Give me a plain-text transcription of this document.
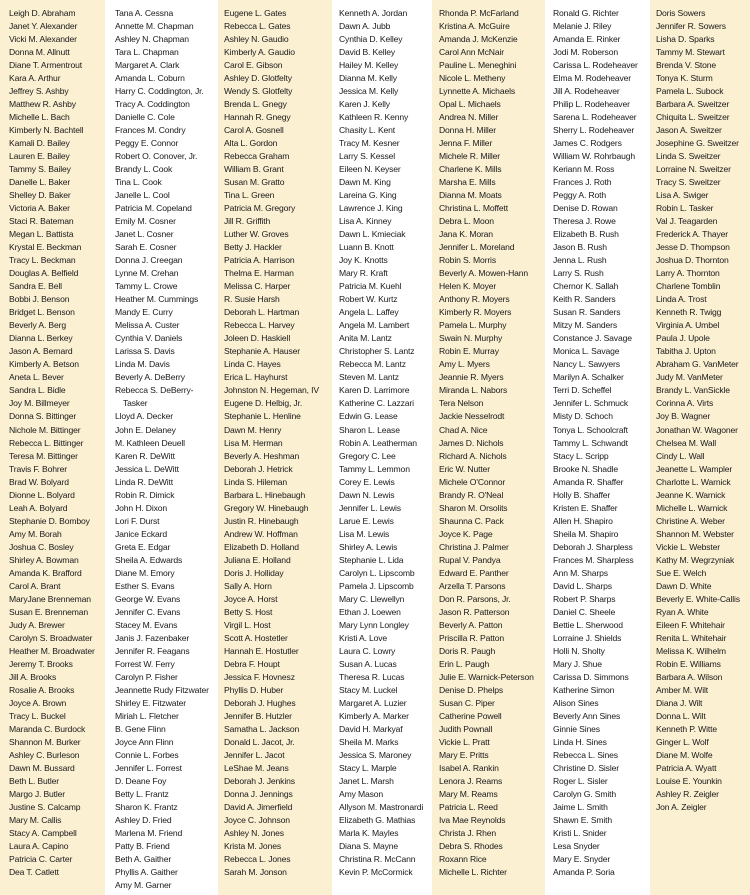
Leigh D. Abraham
Janet Y. Alexander
Vicki M. Alexander
Donna M. Allnutt
Diane T. Armentrout
Kara A. Arthur
Jeffrey S. Ashby
Matthew R. Ashby
Michelle L. Bach
Kimberly N. Bachtell
Kamali D. Bailey
Lauren E. Bailey
Tammy S. Bailey
Danelle L. Baker
Shelley D. Baker
Victoria A. Baker
Staci R. Bateman
Megan L. Battista
Krystal E. Beckman
Tracy L. Beckman
Douglas A. Belfield
Sandra E. Bell
Bobbi J. Benson
Bridget L. Benson
Beverly A. Berg
Dianna L. Berkey
Jason A. Bernard
Kimberly A. Betson
Aneta L. Bever
Sandra L. Bidle
Joy M. Billmeyer
Donna S. Bittinger
Nichole M. Bittinger
Rebecca L. Bittinger
Teresa M. Bittinger
Travis F. Bohrer
Brad W. Bolyard
Dionne L. Bolyard
Leah A. Bolyard
Stephanie D. Bomboy
Amy M. Borah
Joshua C. Bosley
Shirley A. Bowman
Amanda K. Brafford
Carol A. Brant
MaryJane Brenneman
Susan E. Brenneman
Judy A. Brewer
Carolyn S. Broadwater
Heather M. Broadwater
Jeremy T. Brooks
Jill A. Brooks
Rosalie A. Brooks
Joyce A. Brown
Tracy L. Buckel
Maranda C. Burdock
Shannon M. Burker
Ashley C. Burleson
Dawn M. Bussard
Beth L. Butler
Margo J. Butler
Justine S. Calcamp
Mary M. Callis
Stacy A. Campbell
Laura A. Capino
Patricia C. Carter
Dea T. Catlett
Tana A. Cessna
Annette M. Chapman
Ashley N. Chapman
Tara L. Chapman
Margaret A. Clark
Amanda L. Coburn
Harry C. Coddington, Jr.
Tracy A. Coddington
Danielle C. Cole
Frances M. Condry
Peggy E. Connor
Robert O. Conover, Jr.
Brandy L. Cook
Tina L. Cook
Janelle L. Cool
Patricia M. Copeland
Emily M. Cosner
Janet L. Cosner
Sarah E. Cosner
Donna J. Creegan
Lynne M. Crehan
Tammy L. Crowe
Heather M. Cummings
Mandy E. Curry
Melissa A. Custer
Cynthia V. Daniels
Larissa S. Davis
Linda M. Davis
Beverly A. DeBerry
Rebecca S. DeBerry-
Tasker
Lloyd A. Decker
John E. Delaney
M. Kathleen Deuell
Karen R. DeWitt
Jessica L. DeWitt
Linda R. DeWitt
Robin R. Dimick
John H. Dixon
Lori F. Durst
Janice Eckard
Greta E. Edgar
Sheila A. Edwards
Diane M. Emory
Esther S. Evans
George W. Evans
Jennifer C. Evans
Stacey M. Evans
Janis J. Fazenbaker
Jennifer R. Feagans
Forrest W. Ferry
Carolyn P. Fisher
Jeannette Rudy Fitzwater
Shirley E. Fitzwater
Miriah L. Fletcher
B. Gene Flinn
Joyce Ann Flinn
Connie L. Forbes
Jennifer L. Forrest
D. Deane Foy
Betty L. Frantz
Sharon K. Frantz
Ashley D. Fried
Marlena M. Friend
Patty B. Friend
Beth A. Gaither
Phyllis A. Gaither
Amy M. Garner
Eugene L. Gates
Rebecca L. Gates
Ashley N. Gaudio
Kimberly A. Gaudio
Carol E. Gibson
Ashley D. Glotfelty
Wendy S. Glotfelty
Brenda L. Gnegy
Hannah R. Gnegy
Carol A. Gosnell
Alta L. Gordon
Rebecca Graham
William B. Grant
Susan M. Gratto
Tina L. Green
Patricia M. Gregory
Jill R. Griffith
Luther W. Groves
Betty J. Hackler
Patricia A. Harrison
Thelma E. Harman
Melissa C. Harper
R. Susie Harsh
Deborah L. Hartman
Rebecca L. Harvey
Joleen D. Haskiell
Stephanie A. Hauser
Linda C. Hayes
Erica L. Hayhurst
Johnston N. Hegeman, IV
Eugene D. Helbig, Jr.
Stephanie L. Henline
Dawn M. Henry
Lisa M. Herman
Beverly A. Heshman
Deborah J. Hetrick
Linda S. Hileman
Barbara L. Hinebaugh
Gregory W. Hinebaugh
Justin R. Hinebaugh
Andrew W. Hoffman
Elizabeth D. Holland
Juliana E. Holland
Doris J. Holliday
Sally A. Horn
Joyce A. Horst
Betty S. Host
Virgil L. Host
Scott A. Hostetler
Hannah E. Hostutler
Debra F. Houpt
Jessica F. Hovnesz
Phyllis D. Huber
Deborah J. Hughes
Jennifer B. Hutzler
Samatha L. Jackson
Donald L. Jacot, Jr.
Jennifer L. Jacot
LeShae M. Jeans
Deborah J. Jenkins
Donna J. Jennings
David A. Jimerfield
Joyce C. Johnson
Ashley N. Jones
Krista M. Jones
Rebecca L. Jones
Sarah M. Jonson
Kenneth A. Jordan
Dawn A. Jubb
Cynthia D. Kelley
David B. Kelley
Hailey M. Kelley
Dianna M. Kelly
Jessica M. Kelly
Karen J. Kelly
Kathleen R. Kenny
Chasity L. Kent
Tracy M. Kesner
Larry S. Kessel
Eileen N. Keyser
Dawn M. King
Lareina G. King
Lawrence J. King
Lisa A. Kinney
Dawn L. Kmieciak
Luann B. Knott
Joy K. Knotts
Mary R. Kraft
Patricia M. Kuehl
Robert W. Kurtz
Angela L. Laffey
Angela M. Lambert
Anita M. Lantz
Christopher S. Lantz
Rebecca M. Lantz
Steven M. Lantz
Karen D. Larrimore
Katherine C. Lazzari
Edwin G. Lease
Sharon L. Lease
Robin A. Leatherman
Gregory C. Lee
Tammy L. Lemmon
Corey E. Lewis
Dawn N. Lewis
Jennifer L. Lewis
Larue E. Lewis
Lisa M. Lewis
Shirley A. Lewis
Stephanie L. Lida
Carolyn L. Lipscomb
Pamela J. Lipscomb
Mary C. Llewellyn
Ethan J. Loewen
Mary Lynn Longley
Kristi A. Love
Laura C. Lowry
Susan A. Lucas
Theresa R. Lucas
Stacy M. Luckel
Margaret A. Luzier
Kimberly A. Marker
David H. Markyaf
Sheila M. Marks
Jessica S. Maroney
Stacy L. Marple
Janet L. Marsh
Amy Mason
Allyson M. Mastronardi
Elizabeth G. Mathias
Marla K. Mayles
Diana S. Mayne
Christina R. McCann
Kevin P. McCormick
Rhonda P. McFarland
Kristina A. McGuire
Amanda J. McKenzie
Carol Ann McNair
Pauline L. Meneghini
Nicole L. Metheny
Lynnette A. Michaels
Opal L. Michaels
Andrea N. Miller
Donna H. Miller
Jenna F. Miller
Michele R. Miller
Charlene K. Mills
Marsha E. Mills
Dianna M. Moats
Christina L. Moffett
Debra L. Moon
Jana K. Moran
Jennifer L. Moreland
Robin S. Morris
Beverly A. Mowen-Hann
Helen K. Moyer
Anthony R. Moyers
Kimberly R. Moyers
Pamela L. Murphy
Swain N. Murphy
Robin E. Murray
Amy L. Myers
Jeannie R. Myers
Miranda L. Nabors
Tera Nelson
Jackie Nesselrodt
Chad A. Nice
James D. Nichols
Richard A. Nichols
Eric W. Nutter
Michele O'Connor
Brandy R. O'Neal
Sharon M. Orsolits
Shaunna C. Pack
Joyce K. Page
Christina J. Palmer
Rupal V. Pandya
Edward E. Panther
Arzella T. Parsons
Don R. Parsons, Jr.
Jason R. Patterson
Beverly A. Patton
Priscilla R. Patton
Doris R. Paugh
Erin L. Paugh
Julie E. Warnick-Peterson
Denise D. Phelps
Susan C. Piper
Catherine Powell
Judith Pownall
Vickie L. Pratt
Mary E. Pritts
Isabel A. Rankin
Lenora J. Reams
Mary M. Reams
Patricia L. Reed
Iva Mae Reynolds
Christa J. Rhen
Debra S. Rhodes
Roxann Rice
Michelle L. Richter
Ronald G. Richter
Melanie J. Riley
Amanda E. Rinker
Jodi M. Roberson
Carissa L. Rodeheaver
Elma M. Rodeheaver
Jill A. Rodeheaver
Philip L. Rodeheaver
Sarena L. Rodeheaver
Sherry L. Rodeheaver
James C. Rodgers
William W. Rohrbaugh
Keriann M. Ross
Frances J. Roth
Peggy A. Roth
Denise D. Rowan
Theresa J. Rowe
Elizabeth B. Rush
Jason B. Rush
Jenna L. Rush
Larry S. Rush
Chernor K. Sallah
Keith R. Sanders
Susan R. Sanders
Mitzy M. Sanders
Constance J. Savage
Monica L. Savage
Nancy L. Sawyers
Marilyn A. Schalker
Terri D. Scheffel
Jennifer L. Schmuck
Misty D. Schoch
Tonya L. Schoolcraft
Tammy L. Schwandt
Stacy L. Scripp
Brooke N. Shadle
Amanda R. Shaffer
Holly B. Shaffer
Kristen E. Shaffer
Allen H. Shapiro
Sheila M. Shapiro
Deborah J. Sharpless
Frances M. Sharpless
Ann M. Sharps
David L. Sharps
Robert P. Sharps
Daniel C. Sheele
Bettie L. Sherwood
Lorraine J. Shields
Holli N. Sholty
Mary J. Shue
Carissa D. Simmons
Katherine Simon
Alison Sines
Beverly Ann Sines
Ginnie Sines
Linda H. Sines
Rebecca L. Sines
Christine D. Sisler
Roger L. Sisler
Carolyn G. Smith
Jaime L. Smith
Shawn E. Smith
Kristi L. Snider
Lesa Snyder
Mary E. Snyder
Amanda P. Soria
Doris Sowers
Jennifer R. Sowers
Lisha D. Sparks
Tammy M. Stewart
Brenda V. Stone
Tonya K. Sturm
Pamela L. Subock
Barbara A. Sweitzer
Chiquita L. Sweitzer
Jason A. Sweitzer
Josephine G. Sweitzer
Linda S. Sweitzer
Lorraine N. Sweitzer
Tracy S. Sweitzer
Lisa A. Swiger
Robin L. Tasker
Val J. Teagarden
Frederick A. Thayer
Jesse D. Thompson
Joshua D. Thornton
Larry A. Thornton
Charlene Tomblin
Linda A. Trost
Kenneth R. Twigg
Virginia A. Umbel
Paula J. Upole
Tabitha J. Upton
Abraham G. VanMeter
Judy M. VanMeter
Brandy L. VanSickle
Corinna A. Virts
Joy B. Wagner
Jonathan W. Wagoner
Chelsea M. Wall
Cindy L. Wall
Jeanette L. Wampler
Charlotte L. Warnick
Jeanne K. Warnick
Michelle L. Warnick
Christine A. Weber
Shannon M. Webster
Vickie L. Webster
Kathy M. Wegrzyniak
Sue E. Welch
Dawn D. White
Beverly E. White-Callis
Ryan A. White
Eileen F. Whitehair
Renita L. Whitehair
Melissa K. Wilhelm
Robin E. Williams
Barbara A. Wilson
Amber M. Wilt
Diana J. Wilt
Donna L. Wilt
Kenneth P. Witte
Ginger L. Wolf
Diane M. Wolfe
Patricia A. Wyatt
Louise E. Younkin
Ashley R. Zeigler
Jon A. Zeigler
